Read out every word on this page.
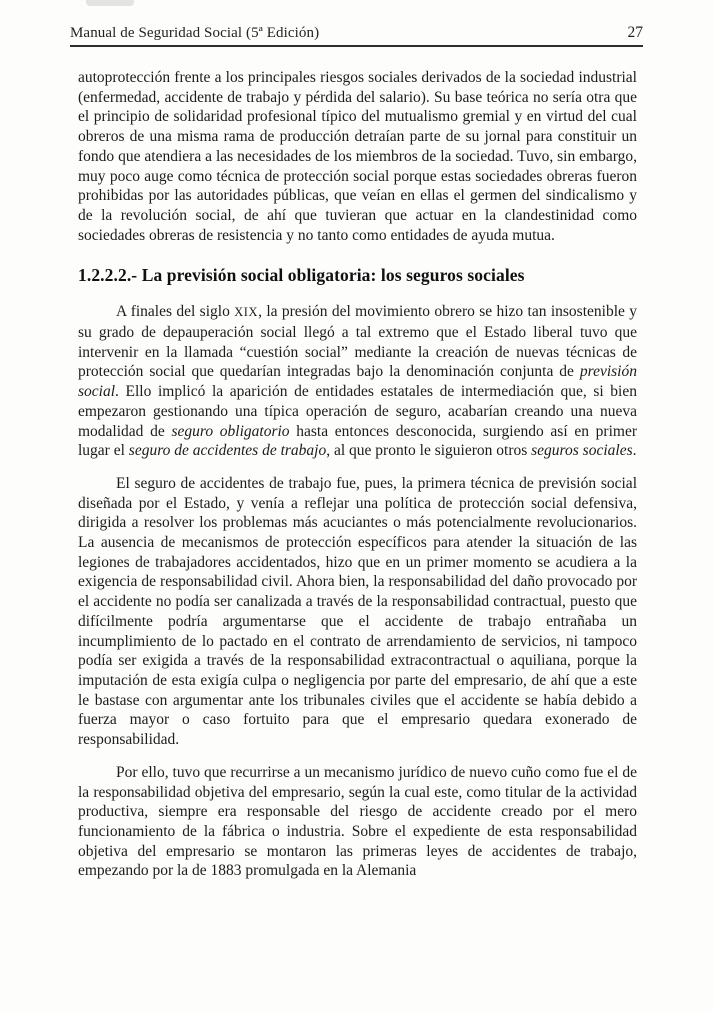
Manual de Seguridad Social (5ª Edición)	27

autoprotección frente a los principales riesgos sociales derivados de la sociedad industrial (enfermedad, accidente de trabajo y pérdida del salario). Su base teórica no sería otra que el principio de solidaridad profesional típico del mutualismo gremial y en virtud del cual obreros de una misma rama de producción detraían parte de su jornal para constituir un fondo que atendiera a las necesidades de los miembros de la sociedad. Tuvo, sin embargo, muy poco auge como técnica de protección social porque estas sociedades obreras fueron prohibidas por las autoridades públicas, que veían en ellas el germen del sindicalismo y de la revolución social, de ahí que tuvieran que actuar en la clandestinidad como sociedades obreras de resistencia y no tanto como entidades de ayuda mutua.

1.2.2.2.- La previsión social obligatoria: los seguros sociales

A finales del siglo XIX, la presión del movimiento obrero se hizo tan insostenible y su grado de depauperación social llegó a tal extremo que el Estado liberal tuvo que intervenir en la llamada “cuestión social” mediante la creación de nuevas técnicas de protección social que quedarían integradas bajo la denominación conjunta de previsión social. Ello implicó la aparición de entidades estatales de intermediación que, si bien empezaron gestionando una típica operación de seguro, acabarían creando una nueva modalidad de seguro obligatorio hasta entonces desconocida, surgiendo así en primer lugar el seguro de accidentes de trabajo, al que pronto le siguieron otros seguros sociales.

El seguro de accidentes de trabajo fue, pues, la primera técnica de previsión social diseñada por el Estado, y venía a reflejar una política de protección social defensiva, dirigida a resolver los problemas más acuciantes o más potencialmente revolucionarios. La ausencia de mecanismos de protección específicos para atender la situación de las legiones de trabajadores accidentados, hizo que en un primer momento se acudiera a la exigencia de responsabilidad civil. Ahora bien, la responsabilidad del daño provocado por el accidente no podía ser canalizada a través de la responsabilidad contractual, puesto que difícilmente podría argumentarse que el accidente de trabajo entrañaba un incumplimiento de lo pactado en el contrato de arrendamiento de servicios, ni tampoco podía ser exigida a través de la responsabilidad extracontractual o aquiliana, porque la imputación de esta exigía culpa o negligencia por parte del empresario, de ahí que a este le bastase con argumentar ante los tribunales civiles que el accidente se había debido a fuerza mayor o caso fortuito para que el empresario quedara exonerado de responsabilidad.

Por ello, tuvo que recurrirse a un mecanismo jurídico de nuevo cuño como fue el de la responsabilidad objetiva del empresario, según la cual este, como titular de la actividad productiva, siempre era responsable del riesgo de accidente creado por el mero funcionamiento de la fábrica o industria. Sobre el expediente de esta responsabilidad objetiva del empresario se montaron las primeras leyes de accidentes de trabajo, empezando por la de 1883 promulgada en la Alemania
